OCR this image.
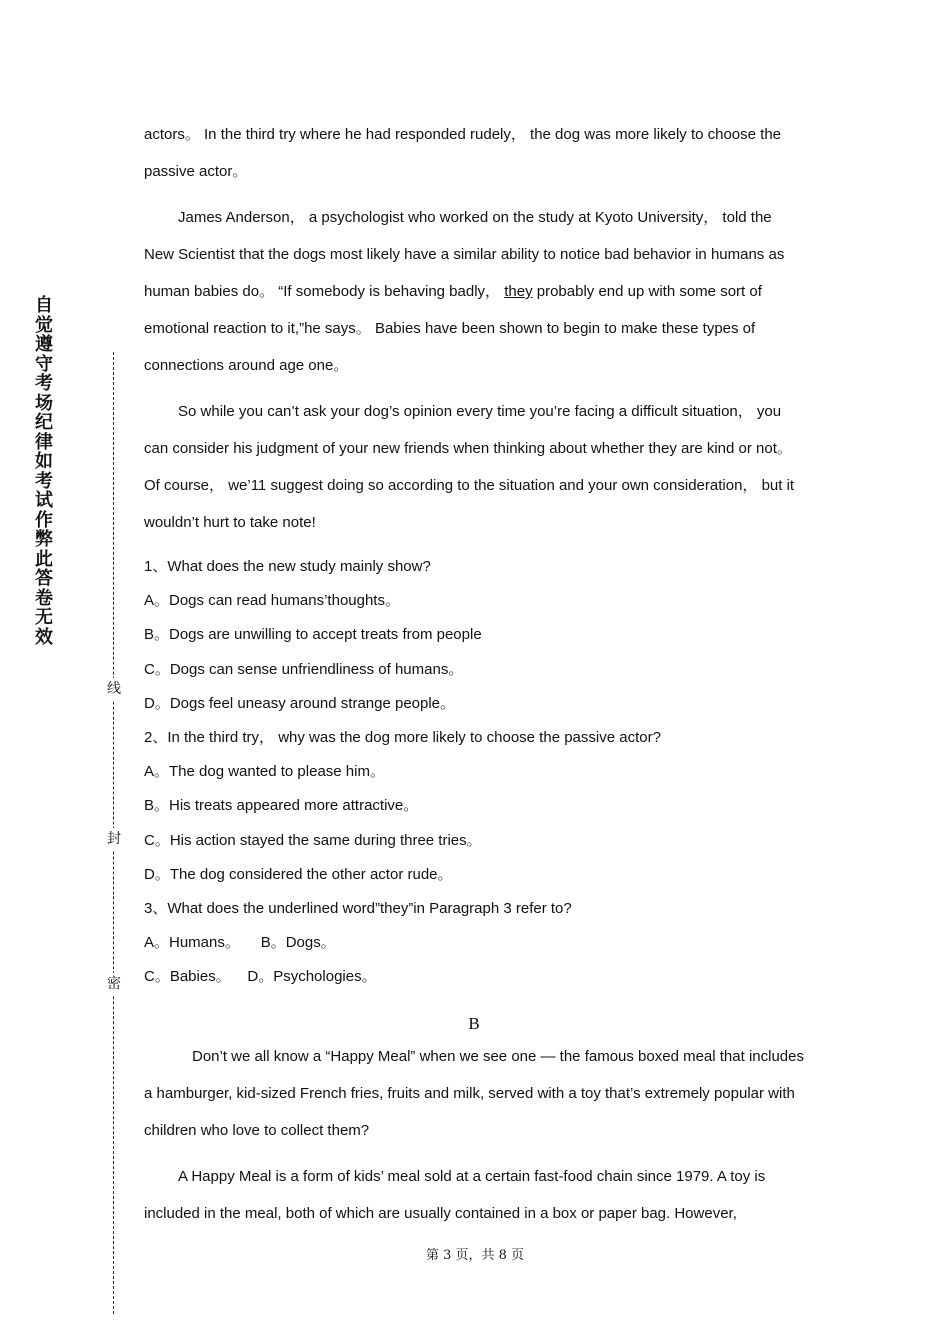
自觉遵守考场纪律如考试作弊此答卷无效
线
封
密

actors。 In the third try where he had responded rudely， the dog was more likely to choose the passive actor。

James Anderson， a psychologist who worked on the study at Kyoto University， told the New Scientist that the dogs most likely have a similar ability to notice bad behavior in humans as human babies do。 “If somebody is behaving badly， they probably end up with some sort of emotional reaction to it,”he says。 Babies have been shown to begin to make these types of connections around age one。

So while you can’t ask your dog’s opinion every time you’re facing a difficult situation， you can consider his judgment of your new friends when thinking about whether they are kind or not。 Of course， we’11 suggest doing so according to the situation and your own consideration， but it wouldn’t hurt to take note!

1、What does the new study mainly show?

A。Dogs can read humans’thoughts。

B。Dogs are unwilling to accept treats from people

C。Dogs can sense unfriendliness of humans。

D。Dogs feel uneasy around strange people。

2、In the third try， why was the dog more likely to choose the passive actor?

A。The dog wanted to please him。

B。His treats appeared more attractive。

C。His action stayed the same during three tries。

D。The dog considered the other actor rude。

3、What does the underlined word”they”in Paragraph 3 refer to?

A。Humans。     B。Dogs。

C。Babies。    D。Psychologies。

B

Don’t we all know a “Happy Meal” when we see one — the famous boxed meal that includes a hamburger, kid-sized French fries, fruits and milk, served with a toy that’s extremely popular with children who love to collect them?

A Happy Meal is a form of kids’ meal sold at a certain fast-food chain since 1979. A toy is included in the meal, both of which are usually contained in a box or paper bag. However,

第 3 页，共 8 页
